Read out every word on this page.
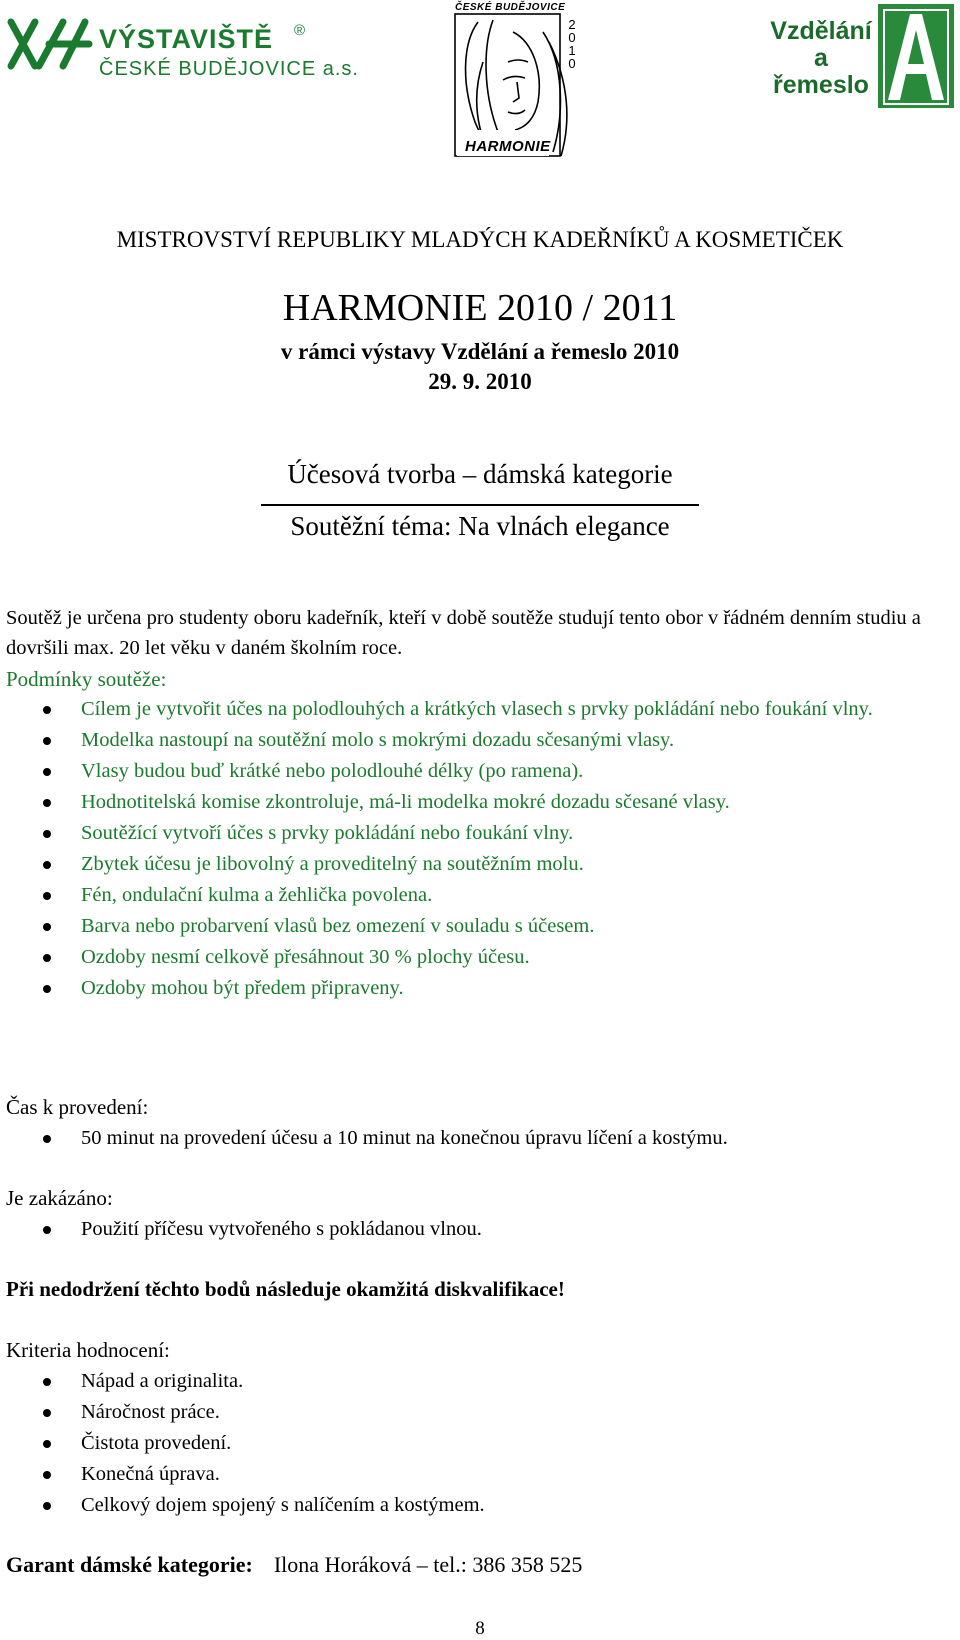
VÝSTAVIŠTĚ ®
ČESKÉ BUDĚJOVICE a.s.
ČESKÉ BUDĚJOVICE
2010
HARMONIE
Vzdělání a řemeslo
MISTROVSTVÍ REPUBLIKY MLADÝCH KADEŘNÍKŮ A KOSMETIČEK
HARMONIE 2010 / 2011
v rámci výstavy Vzdělání a řemeslo 2010
29. 9. 2010
Účesová tvorba – dámská kategorie
Soutěžní téma: Na vlnách elegance
Soutěž je určena pro studenty oboru kadeřník, kteří v době soutěže studují tento obor v řádném denním studiu a dovršili max. 20 let věku v daném školním roce.
Podmínky soutěže:
Cílem je vytvořit účes na polodlouhých a krátkých vlasech s prvky pokládání nebo foukání vlny.
Modelka nastoupí na soutěžní molo s mokrými dozadu sčesanými vlasy.
Vlasy budou buď krátké nebo polodlouhé délky (po ramena).
Hodnotitelská komise zkontroluje, má-li modelka mokré dozadu sčesané vlasy.
Soutěžící vytvoří účes s prvky pokládání nebo foukání vlny.
Zbytek účesu je libovolný a proveditelný na soutěžním molu.
Fén, ondulační kulma a žehlička povolena.
Barva nebo probarvení vlasů bez omezení v souladu s účesem.
Ozdoby nesmí celkově přesáhnout 30 % plochy účesu.
Ozdoby mohou být předem připraveny.
Čas k provedení:
50 minut na provedení účesu a 10 minut na konečnou úpravu líčení a kostýmu.
Je zakázáno:
Použití příčesu vytvořeného s pokládanou vlnou.
Při nedodržení těchto bodů následuje okamžitá diskvalifikace!
Kriteria hodnocení:
Nápad a originalita.
Náročnost práce.
Čistota provedení.
Konečná úprava.
Celkový dojem spojený s nalíčením a kostýmem.
Garant dámské kategorie: Ilona Horáková – tel.: 386 358 525
8
